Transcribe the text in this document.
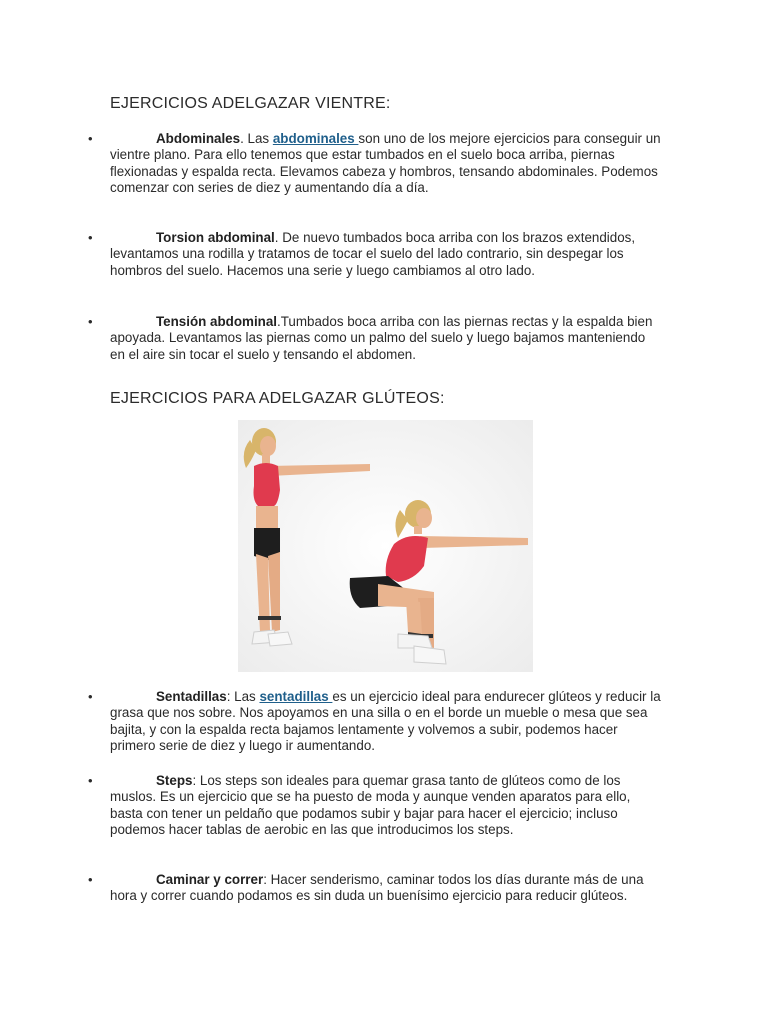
EJERCICIOS ADELGAZAR VIENTRE:
•	Abdominales. Las abdominales son uno de los mejore ejercicios para conseguir un vientre plano. Para ello tenemos que estar tumbados en el suelo boca arriba, piernas flexionadas y espalda recta. Elevamos cabeza y hombros, tensando abdominales. Podemos comenzar con series de diez y aumentando día a día.
•	Torsion abdominal. De nuevo tumbados boca arriba con los brazos extendidos, levantamos una rodilla y tratamos de tocar el suelo del lado contrario, sin despegar los hombros del suelo. Hacemos una serie y luego cambiamos al otro lado.
•	Tensión abdominal.Tumbados boca arriba con las piernas rectas y la espalda bien apoyada. Levantamos las piernas como un palmo del suelo y luego bajamos manteniendo en el aire sin tocar el suelo y tensando el abdomen.
EJERCICIOS PARA ADELGAZAR GLÚTEOS:
•	Sentadillas: Las sentadillas es un ejercicio ideal para endurecer glúteos y reducir la grasa que nos sobre. Nos apoyamos en una silla o en el borde un mueble o mesa que sea bajita, y con la espalda recta bajamos lentamente y volvemos a subir, podemos hacer primero serie de diez y luego ir aumentando.
•	Steps: Los steps son ideales para quemar grasa tanto de glúteos como de los muslos. Es un ejercicio que se ha puesto de moda y aunque venden aparatos para ello, basta con tener un peldaño que podamos subir y bajar para hacer el ejercicio; incluso podemos hacer tablas de aerobic en las que introducimos los steps.
•	Caminar y correr: Hacer senderismo, caminar todos los días durante más de una hora y correr cuando podamos es sin duda un buenísimo ejercicio para reducir glúteos.
